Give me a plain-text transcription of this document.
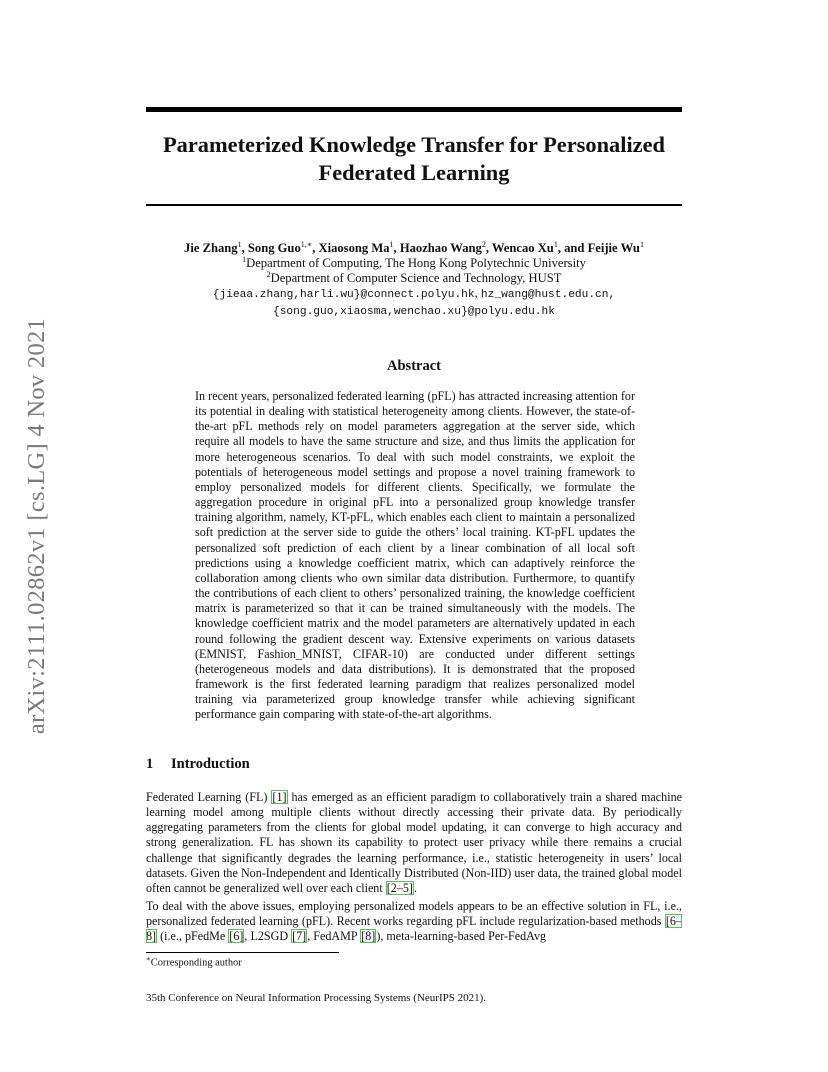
arXiv:2111.02862v1 [cs.LG] 4 Nov 2021
Parameterized Knowledge Transfer for Personalized
Federated Learning
Jie Zhang$^1$, Song Guo$^{1,∗}$, Xiaosong Ma$^1$, Haozhao Wang$^2$, Wencao Xu$^1$, and Feijie Wu$^1$
$^1$Department of Computing, The Hong Kong Polytechnic University
$^2$Department of Computer Science and Technology, HUST
{jieaa.zhang,harli.wu}@connect.polyu.hk, hz_wang@hust.edu.cn,
{song.guo,xiaosma,wenchao.xu}@polyu.edu.hk
Abstract

In recent years, personalized federated learning (pFL) has attracted increasing attention for its potential in dealing with statistical heterogeneity among clients. However, the state-of-the-art pFL methods rely on model parameters aggregation at the server side, which require all models to have the same structure and size, and thus limits the application for more heterogeneous scenarios. To deal with such model constraints, we exploit the potentials of heterogeneous model settings and propose a novel training framework to employ personalized models for different clients. Specifically, we formulate the aggregation procedure in original pFL into a personalized group knowledge transfer training algorithm, namely, KT-pFL, which enables each client to maintain a personalized soft prediction at the server side to guide the others’ local training. KT-pFL updates the personalized soft prediction of each client by a linear combination of all local soft predictions using a knowledge coefficient matrix, which can adaptively reinforce the collaboration among clients who own similar data distribution. Furthermore, to quantify the contributions of each client to others’ personalized training, the knowledge coefficient matrix is parameterized so that it can be trained simultaneously with the models. The knowledge coefficient matrix and the model parameters are alternatively updated in each round following the gradient descent way. Extensive experiments on various datasets (EMNIST, Fashion_MNIST, CIFAR-10) are conducted under different settings (heterogeneous models and data distributions). It is demonstrated that the proposed framework is the first federated learning paradigm that realizes personalized model training via parameterized group knowledge transfer while achieving significant performance gain comparing with state-of-the-art algorithms.

1 Introduction

Federated Learning (FL) [1] has emerged as an efficient paradigm to collaboratively train a shared machine learning model among multiple clients without directly accessing their private data. By periodically aggregating parameters from the clients for global model updating, it can converge to high accuracy and strong generalization. FL has shown its capability to protect user privacy while there remains a crucial challenge that significantly degrades the learning performance, i.e., statistic heterogeneity in users’ local datasets. Given the Non-Independent and Identically Distributed (Non-IID) user data, the trained global model often cannot be generalized well over each client [2–5].

To deal with the above issues, employing personalized models appears to be an effective solution in FL, i.e., personalized federated learning (pFL). Recent works regarding pFL include regularization-based methods [6–8] (i.e., pFedMe [6], L2SGD [7], FedAMP [8]), meta-learning-based Per-FedAvg

∗Corresponding author

35th Conference on Neural Information Processing Systems (NeurIPS 2021).
